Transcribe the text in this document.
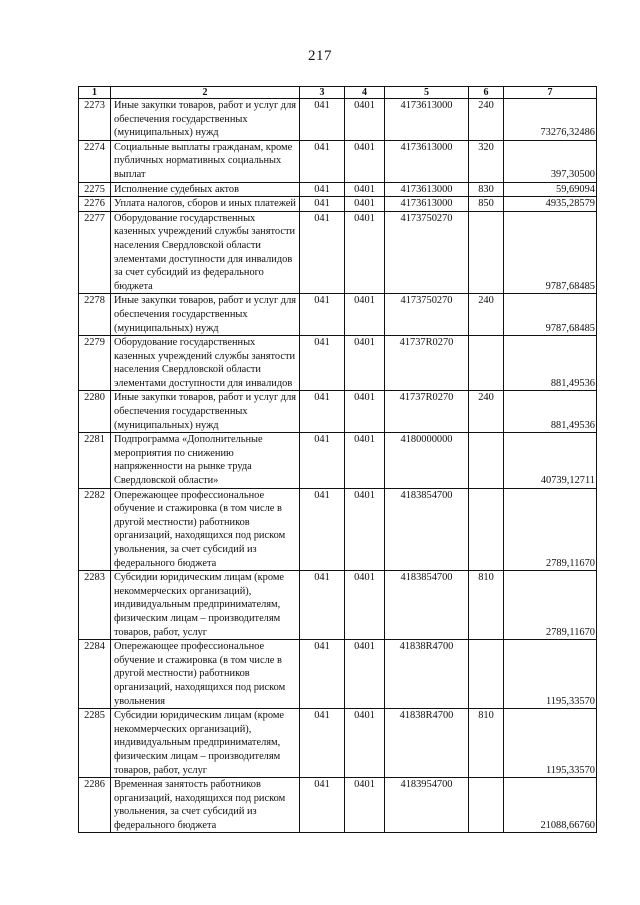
217
1	2	3	4	5	6	7
2273	Иные закупки товаров, работ и услуг для обеспечения государственных (муниципальных) нужд	041	0401	4173613000	240	73276,32486
2274	Социальные выплаты гражданам, кроме публичных нормативных социальных выплат	041	0401	4173613000	320	397,30500
2275	Исполнение судебных актов	041	0401	4173613000	830	59,69094
2276	Уплата налогов, сборов и иных платежей	041	0401	4173613000	850	4935,28579
2277	Оборудование государственных казенных учреждений службы занятости населения Свердловской области элементами доступности для инвалидов за счет субсидий из федерального бюджета	041	0401	4173750270		9787,68485
2278	Иные закупки товаров, работ и услуг для обеспечения государственных (муниципальных) нужд	041	0401	4173750270	240	9787,68485
2279	Оборудование государственных казенных учреждений службы занятости населения Свердловской области элементами доступности для инвалидов	041	0401	41737R0270		881,49536
2280	Иные закупки товаров, работ и услуг для обеспечения государственных (муниципальных) нужд	041	0401	41737R0270	240	881,49536
2281	Подпрограмма «Дополнительные мероприятия по снижению напряженности на рынке труда Свердловской области»	041	0401	4180000000		40739,12711
2282	Опережающее профессиональное обучение и стажировка (в том числе в другой местности) работников организаций, находящихся под риском увольнения, за счет субсидий из федерального бюджета	041	0401	4183854700		2789,11670
2283	Субсидии юридическим лицам (кроме некоммерческих организаций), индивидуальным предпринимателям, физическим лицам – производителям товаров, работ, услуг	041	0401	4183854700	810	2789,11670
2284	Опережающее профессиональное обучение и стажировка (в том числе в другой местности) работников организаций, находящихся под риском увольнения	041	0401	41838R4700		1195,33570
2285	Субсидии юридическим лицам (кроме некоммерческих организаций), индивидуальным предпринимателям, физическим лицам – производителям товаров, работ, услуг	041	0401	41838R4700	810	1195,33570
2286	Временная занятость работников организаций, находящихся под риском увольнения, за счет субсидий из федерального бюджета	041	0401	4183954700		21088,66760
